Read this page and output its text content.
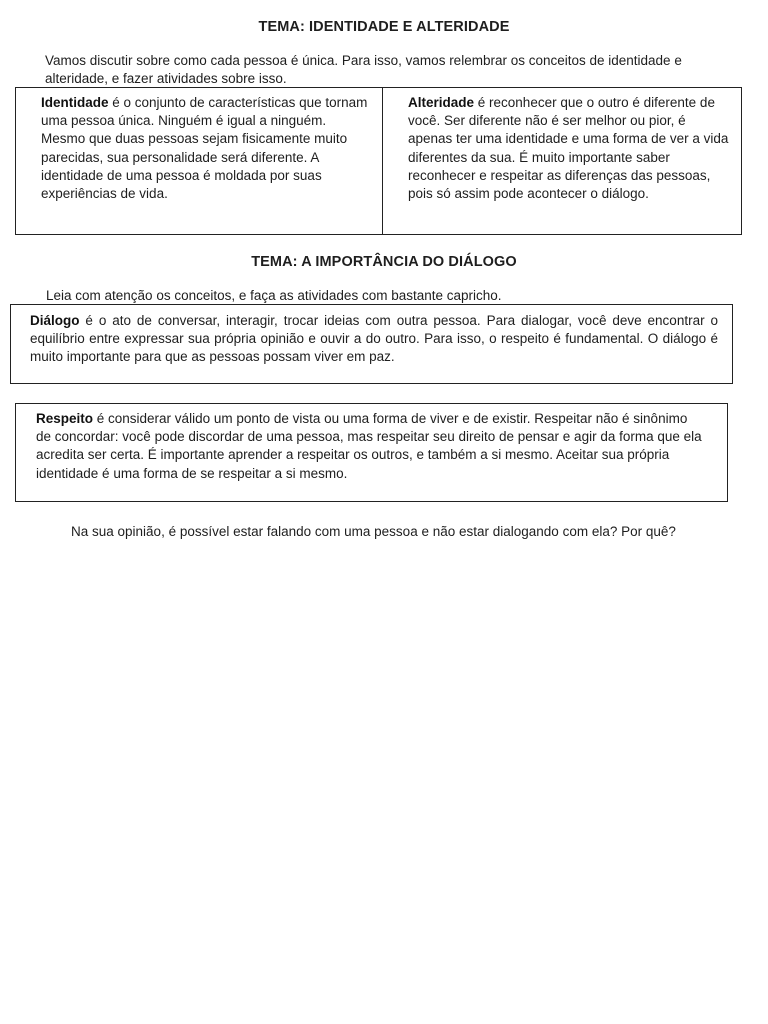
TEMA: IDENTIDADE E ALTERIDADE
Vamos discutir sobre como cada pessoa é única. Para isso, vamos relembrar os conceitos de identidade e alteridade, e fazer atividades sobre isso.
Identidade é o conjunto de características que tornam uma pessoa única. Ninguém é igual a ninguém. Mesmo que duas pessoas sejam fisicamente muito parecidas, sua personalidade será diferente. A identidade de uma pessoa é moldada por suas experiências de vida.
Alteridade é reconhecer que o outro é diferente de você. Ser diferente não é ser melhor ou pior, é apenas ter uma identidade e uma forma de ver a vida diferentes da sua. É muito importante saber reconhecer e respeitar as diferenças das pessoas, pois só assim pode acontecer o diálogo.
TEMA: A IMPORTÂNCIA DO DIÁLOGO
Leia com atenção os conceitos, e faça as atividades com bastante capricho.
Diálogo é o ato de conversar, interagir, trocar ideias com outra pessoa. Para dialogar, você deve encontrar o equilíbrio entre expressar sua própria opinião e ouvir a do outro. Para isso, o respeito é fundamental. O diálogo é muito importante para que as pessoas possam viver em paz.
Respeito é considerar válido um ponto de vista ou uma forma de viver e de existir. Respeitar não é sinônimo de concordar: você pode discordar de uma pessoa, mas respeitar seu direito de pensar e agir da forma que ela acredita ser certa. É importante aprender a respeitar os outros, e também a si mesmo. Aceitar sua própria identidade é uma forma de se respeitar a si mesmo.
Na sua opinião, é possível estar falando com uma pessoa e não estar dialogando com ela? Por quê?
